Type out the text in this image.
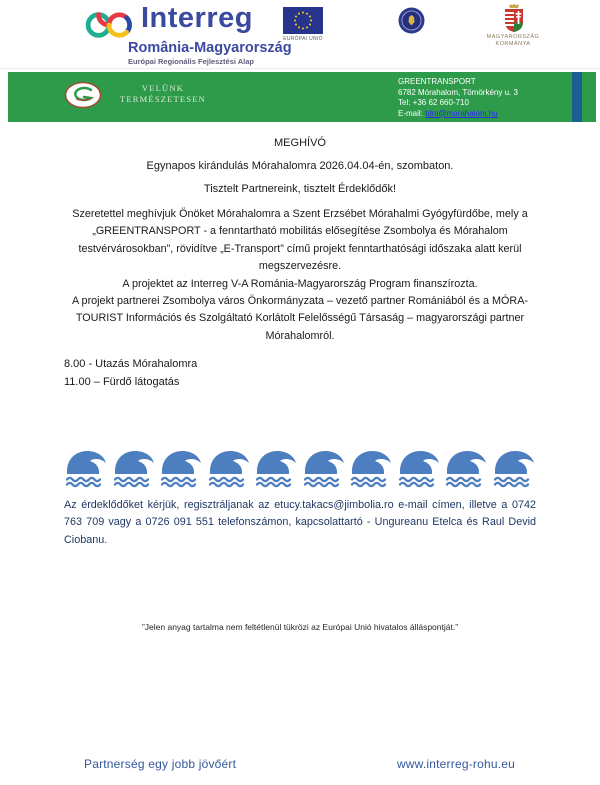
Interreg
România-Magyarország
Európai Regionális Fejlesztési Alap
EURÓPAI UNIÓ	MAGYARORSZÁG
KORMÁNYA
VELÜNK
TERMÉSZETESEN
GREENTRANSPORT
6782 Mórahalom, Tömörkény u. 3
Tel: +36 62 660-710
E-mail: tdm@morahalom.hu
MEGHÍVÓ
Egynapos kirándulás Mórahalomra 2026.04.04-én, szombaton.
Tisztelt Partnereink, tisztelt Érdeklődők!

Szeretettel meghívjuk Önöket Mórahalomra a Szent Erzsébet Mórahalmi Gyógyfürdőbe, mely a „GREENTRANSPORT - a fenntartható mobilitás elősegítése Zsombolya és Mórahalom testvérvárosokban”, rövidítve „E-Transport” című projekt fenntarthatósági időszaka alatt kerül megszervezésre.

A projektet az Interreg V-A Románia-Magyarország Program finanszírozta.

A projekt partnerei Zsombolya város Önkormányzata – vezető partner Romániából és a MÓRA-TOURIST Információs és Szolgáltató Korlátolt Felelősségű Társaság – magyarországi partner Mórahalomról.

8.00 - Utazás Mórahalomra
11.00 – Fürdő látogatás

Az érdeklődőket kérjük, regisztráljanak az etucy.takacs@jimbolia.ro e-mail címen, illetve a 0742 763 709 vagy a 0726 091 551 telefonszámon, kapcsolattartó - Ungureanu Etelca és Raul Devid Ciobanu.

”Jelen anyag tartalma nem feltétlenül tükrözi az Európai Unió hivatalos álláspontját.”
Partnerség egy jobb jövőért	www.interreg-rohu.eu
